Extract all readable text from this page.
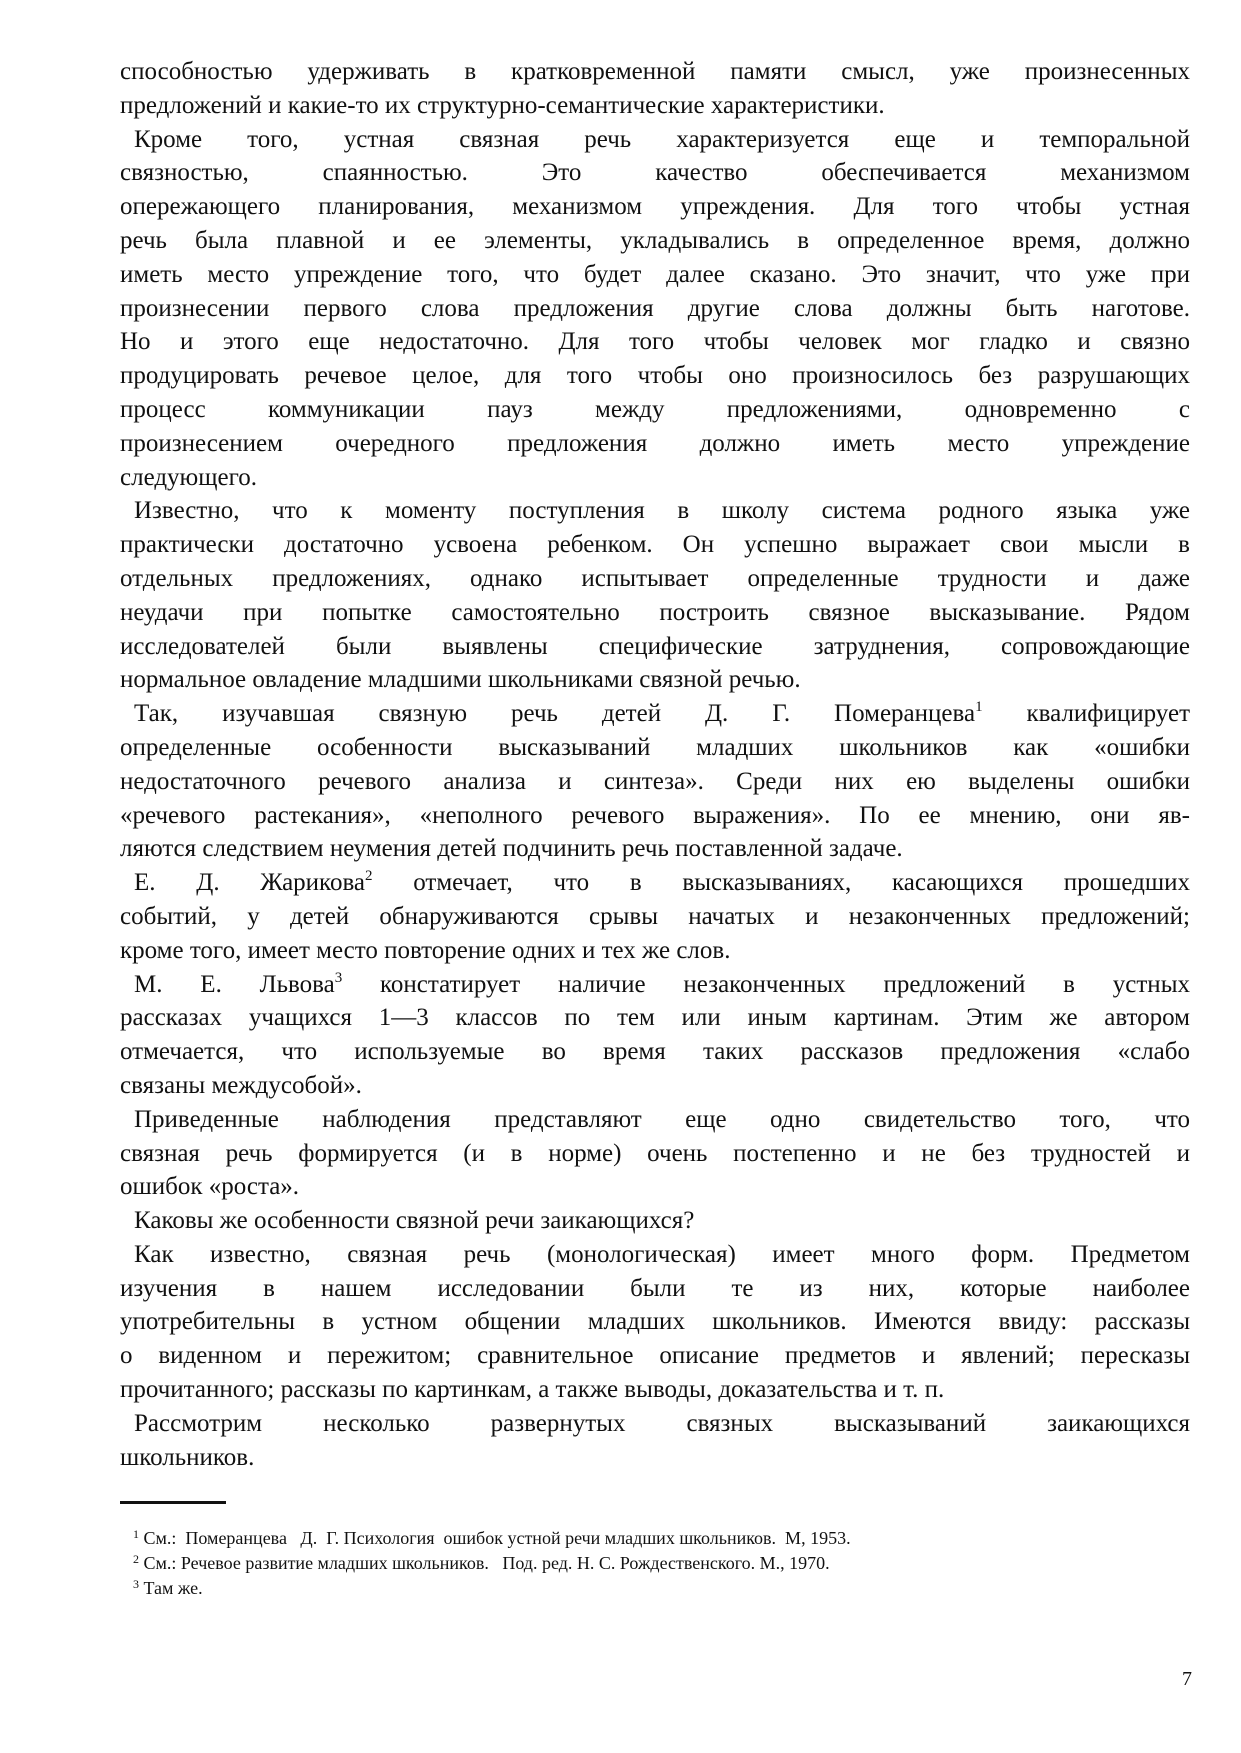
способностью удерживать в кратковременной памяти смысл, уже произнесенных
предложений и какие-то их структурно-семантические характеристики.
Кроме того, устная связная речь характеризуется еще и темпоральной
связностью, спаянностью. Это качество обеспечивается механизмом
опережающего планирования, механизмом упреждения. Для того чтобы устная
речь была плавной и ее элементы, укладывались в определенное время, должно
иметь место упреждение того, что будет далее сказано. Это значит, что уже при
произнесении первого слова предложения другие слова должны быть наготове.
Но и этого еще недостаточно. Для того чтобы человек мог гладко и связно
продуцировать речевое целое, для того чтобы оно произносилось без разрушающих
процесс коммуникации пауз между предложениями, одновременно с
произнесением очередного предложения должно иметь место упреждение
следующего.
Известно, что к моменту поступления в школу система родного языка уже
практически достаточно усвоена ребенком. Он успешно выражает свои мысли в
отдельных предложениях, однако испытывает определенные трудности и даже
неудачи при попытке самостоятельно построить связное высказывание. Рядом
исследователей были выявлены специфические затруднения, сопровождающие
нормальное овладение младшими школьниками связной речью.
Так, изучавшая связную речь детей Д. Г. Померанцева$^1$ квалифицирует
определенные особенности высказываний младших школьников как «ошибки
недостаточного речевого анализа и синтеза». Среди них ею выделены ошибки
«речевого растекания», «неполного речевого выражения». По ее мнению, они яв-
ляются следствием неумения детей подчинить речь поставленной задаче.
Е. Д. Жарикова$^2$ отмечает, что в высказываниях, касающихся прошедших
событий, у детей обнаруживаются срывы начатых и незаконченных предложений;
кроме того, имеет место повторение одних и тех же слов.
М. Е. Львова$^3$ констатирует наличие незаконченных предложений в устных
рассказах учащихся 1—3 классов по тем или иным картинам. Этим же автором
отмечается, что используемые во время таких рассказов предложения «слабо
связаны междусобой».
Приведенные наблюдения представляют еще одно свидетельство того, что
связная речь формируется (и в норме) очень постепенно и не без трудностей и
ошибок «роста».
Каковы же особенности связной речи заикающихся?
Как известно, связная речь (монологическая) имеет много форм. Предметом
изучения в нашем исследовании были те из них, которые наиболее
употребительны в устном общении младших школьников. Имеются ввиду: рассказы
о виденном и пережитом; сравнительное описание предметов и явлений; пересказы
прочитанного; рассказы по картинкам, а также выводы, доказательства и т. п.
Рассмотрим несколько развернутых связных высказываний заикающихся
школьников.
$^1$ См.:  Померанцева   Д.  Г. Психология  ошибок устной речи младших школьников.  М, 1953.
$^2$ См.: Речевое развитие младших школьников.   Под. ред. Н. С. Рождественского. М., 1970.
$^3$ Там же.
7
